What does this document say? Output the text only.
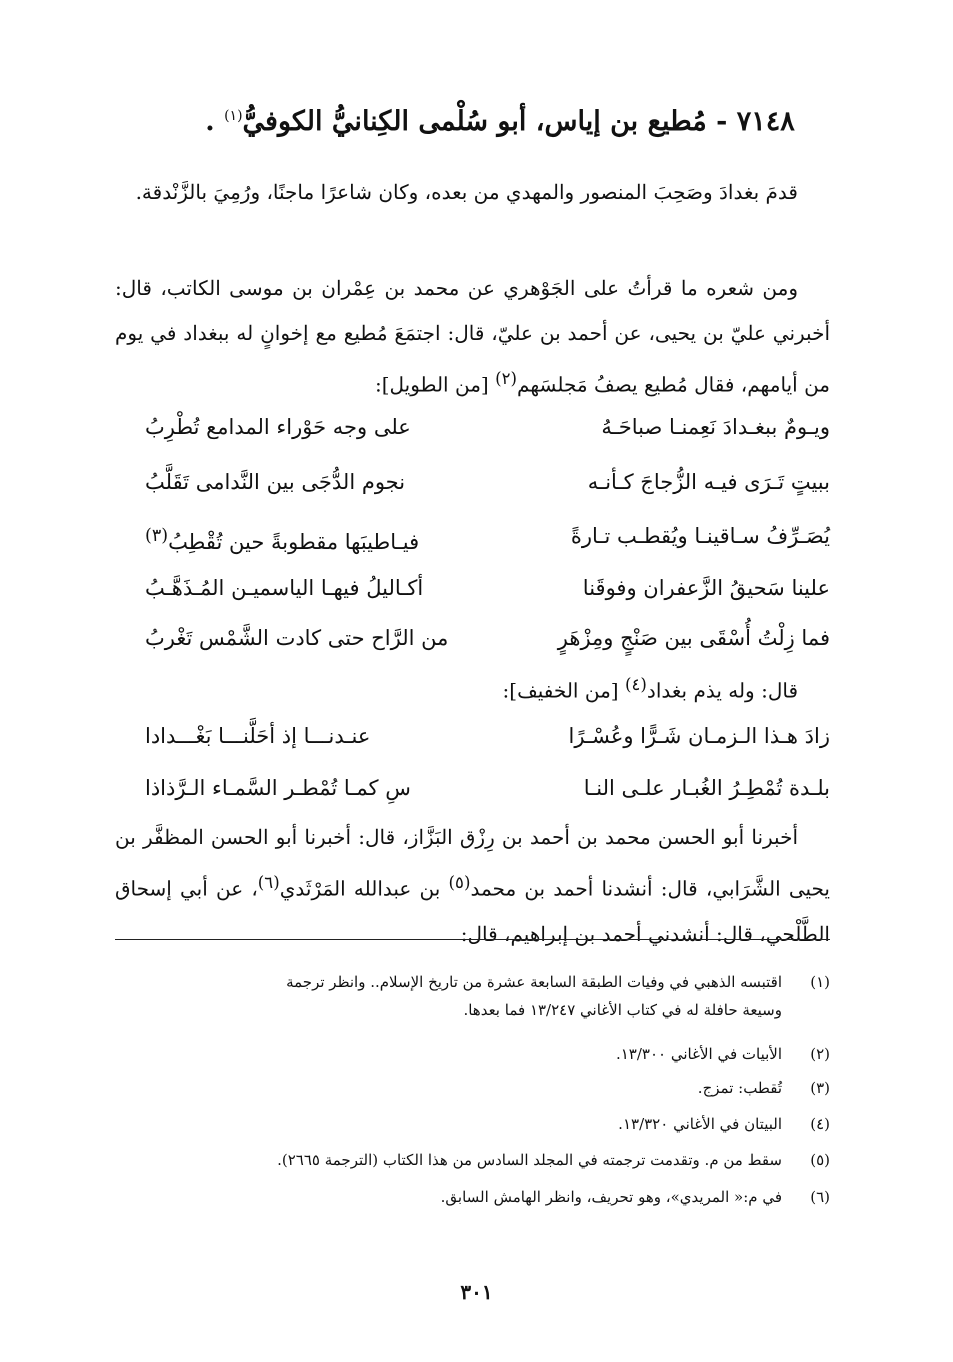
٧١٤٨ - مُطيع بن إياس، أبو سُلْمى الكِنانيُّ الكوفيُّ$^{(١)}$ .
قدمَ بغدادَ وصَحِبَ المنصور والمهدي من بعده، وكان شاعرًا ماجنًا، ورُمِيَ بالزَّنْدقة.
ومن شعره ما قرأتُ على الجَوْهري عن محمد بن عِمْران بن موسى الكاتب، قال: أخبرني عليّ بن يحيى، عن أحمد بن عليّ، قال: اجتمَعَ مُطيع مع إخوانٍ له ببغداد في يوم من أيامهم، فقال مُطيع يصفُ مَجلسَهم$^{(٢)}$ [من الطويل]:
ويـومٌ ببغـدادَ نَعِمنـا صباحَـهُ
على وجه حَوْراء المدامع تُطْرِبُ
ببيتٍ تَـرَى فيـه الزُّجاجَ كـأنـه
نجوم الدُّجَى بين النَّدامى تَقَلَّبُ
يُصَـرِّفُ سـاقينـا ويُقطـب تـارةً
فيـاطيبَها مقطوبةً حين تُقْطِبُ$^{(٣)}$
علينا سَحيقُ الزَّعفران وفوقَنا
أكـاليلُ فيهـا الياسميـن المُـذَهَّـبُ
فما زِلْتُ أُسْقَى بين صَنْجٍ ومِزْهَرٍ
من الرَّاح حتى كادت الشَّمْس تَغْربُ
قال: وله يذم بغداد$^{(٤)}$ [من الخفيف]:
زادَ هـذا الـزمـان شَـرًّا وعُسْـرًا
عنـدنـــا إذ أحَلَّنـــا بَغْـــدادا
بلـدة تُمْطِـرُ الغُبـار علـى النـا
سِ كمـا تُمْطـر السَّمـاء الـرَّذاذا
أخبرنا أبو الحسن محمد بن أحمد بن رِزْق البَزَّاز، قال: أخبرنا أبو الحسن المظفَّر بن يحيى الشَّرَابي، قال: أنشدنا أحمد بن محمد$^{(٥)}$ بن عبدالله المَرْثَدي$^{(٦)}$، عن أبي إسحاق الطَّلْحي، قال: أنشدني أحمد بن إبراهيم، قال:
(١)اقتبسه الذهبي في وفيات الطبقة السابعة عشرة من تاريخ الإسلام.. وانظر ترجمة
وسيعة حافلة له في كتاب الأغاني ١٣/٢٤٧ فما بعدها.
(٢)الأبيات في الأغاني ١٣/٣٠٠.
(٣)تُقطب: تمزج.
(٤)البيتان في الأغاني ١٣/٣٢٠.
(٥)سقط من م. وتقدمت ترجمته في المجلد السادس من هذا الكتاب (الترجمة ٢٦٦٥).
(٦)في م:« المريدي»، وهو تحريف، وانظر الهامش السابق.
٣٠١
